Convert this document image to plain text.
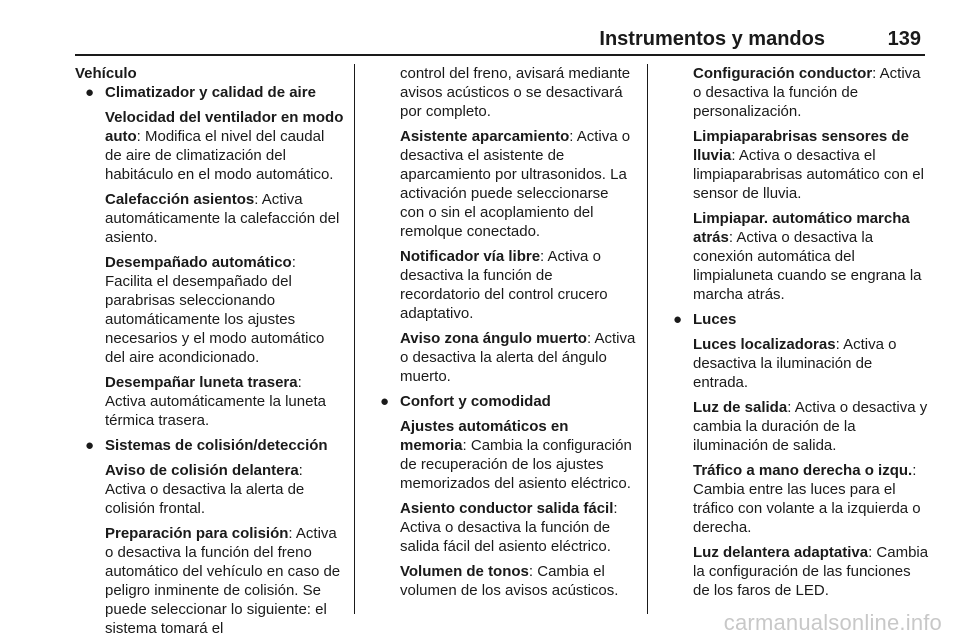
Instrumentos y mandos	139
Vehículo
● Climatizador y calidad de aire

Velocidad del ventilador en modo auto: Modifica el nivel del caudal de aire de climatización del habitáculo en el modo automático.

Calefacción asientos: Activa automáticamente la calefacción del asiento.

Desempañado automático: Facilita el desempañado del parabrisas seleccionando automáticamente los ajustes necesarios y el modo automático del aire acondicionado.

Desempañar luneta trasera: Activa automáticamente la luneta térmica trasera.

● Sistemas de colisión/detección

Aviso de colisión delantera: Activa o desactiva la alerta de colisión frontal.

Preparación para colisión: Activa o desactiva la función del freno automático del vehículo en caso de peligro inminente de colisión. Se puede seleccionar lo siguiente: el sistema tomará el

control del freno, avisará mediante avisos acústicos o se desactivará por completo.

Asistente aparcamiento: Activa o desactiva el asistente de aparcamiento por ultrasonidos. La activación puede seleccionarse con o sin el acoplamiento del remolque conectado.

Notificador vía libre: Activa o desactiva la función de recordatorio del control crucero adaptativo.

Aviso zona ángulo muerto: Activa o desactiva la alerta del ángulo muerto.

● Confort y comodidad

Ajustes automáticos en memoria: Cambia la configuración de recuperación de los ajustes memorizados del asiento eléctrico.

Asiento conductor salida fácil: Activa o desactiva la función de salida fácil del asiento eléctrico.

Volumen de tonos: Cambia el volumen de los avisos acústicos.

Configuración conductor: Activa o desactiva la función de personalización.

Limpiaparabrisas sensores de lluvia: Activa o desactiva el limpiaparabrisas automático con el sensor de lluvia.

Limpiapar. automático marcha atrás: Activa o desactiva la conexión automática del limpialuneta cuando se engrana la marcha atrás.

● Luces

Luces localizadoras: Activa o desactiva la iluminación de entrada.

Luz de salida: Activa o desactiva y cambia la duración de la iluminación de salida.

Tráfico a mano derecha o izqu.: Cambia entre las luces para el tráfico con volante a la izquierda o derecha.

Luz delantera adaptativa: Cambia la configuración de las funciones de los faros de LED.

carmanualsonline.info
